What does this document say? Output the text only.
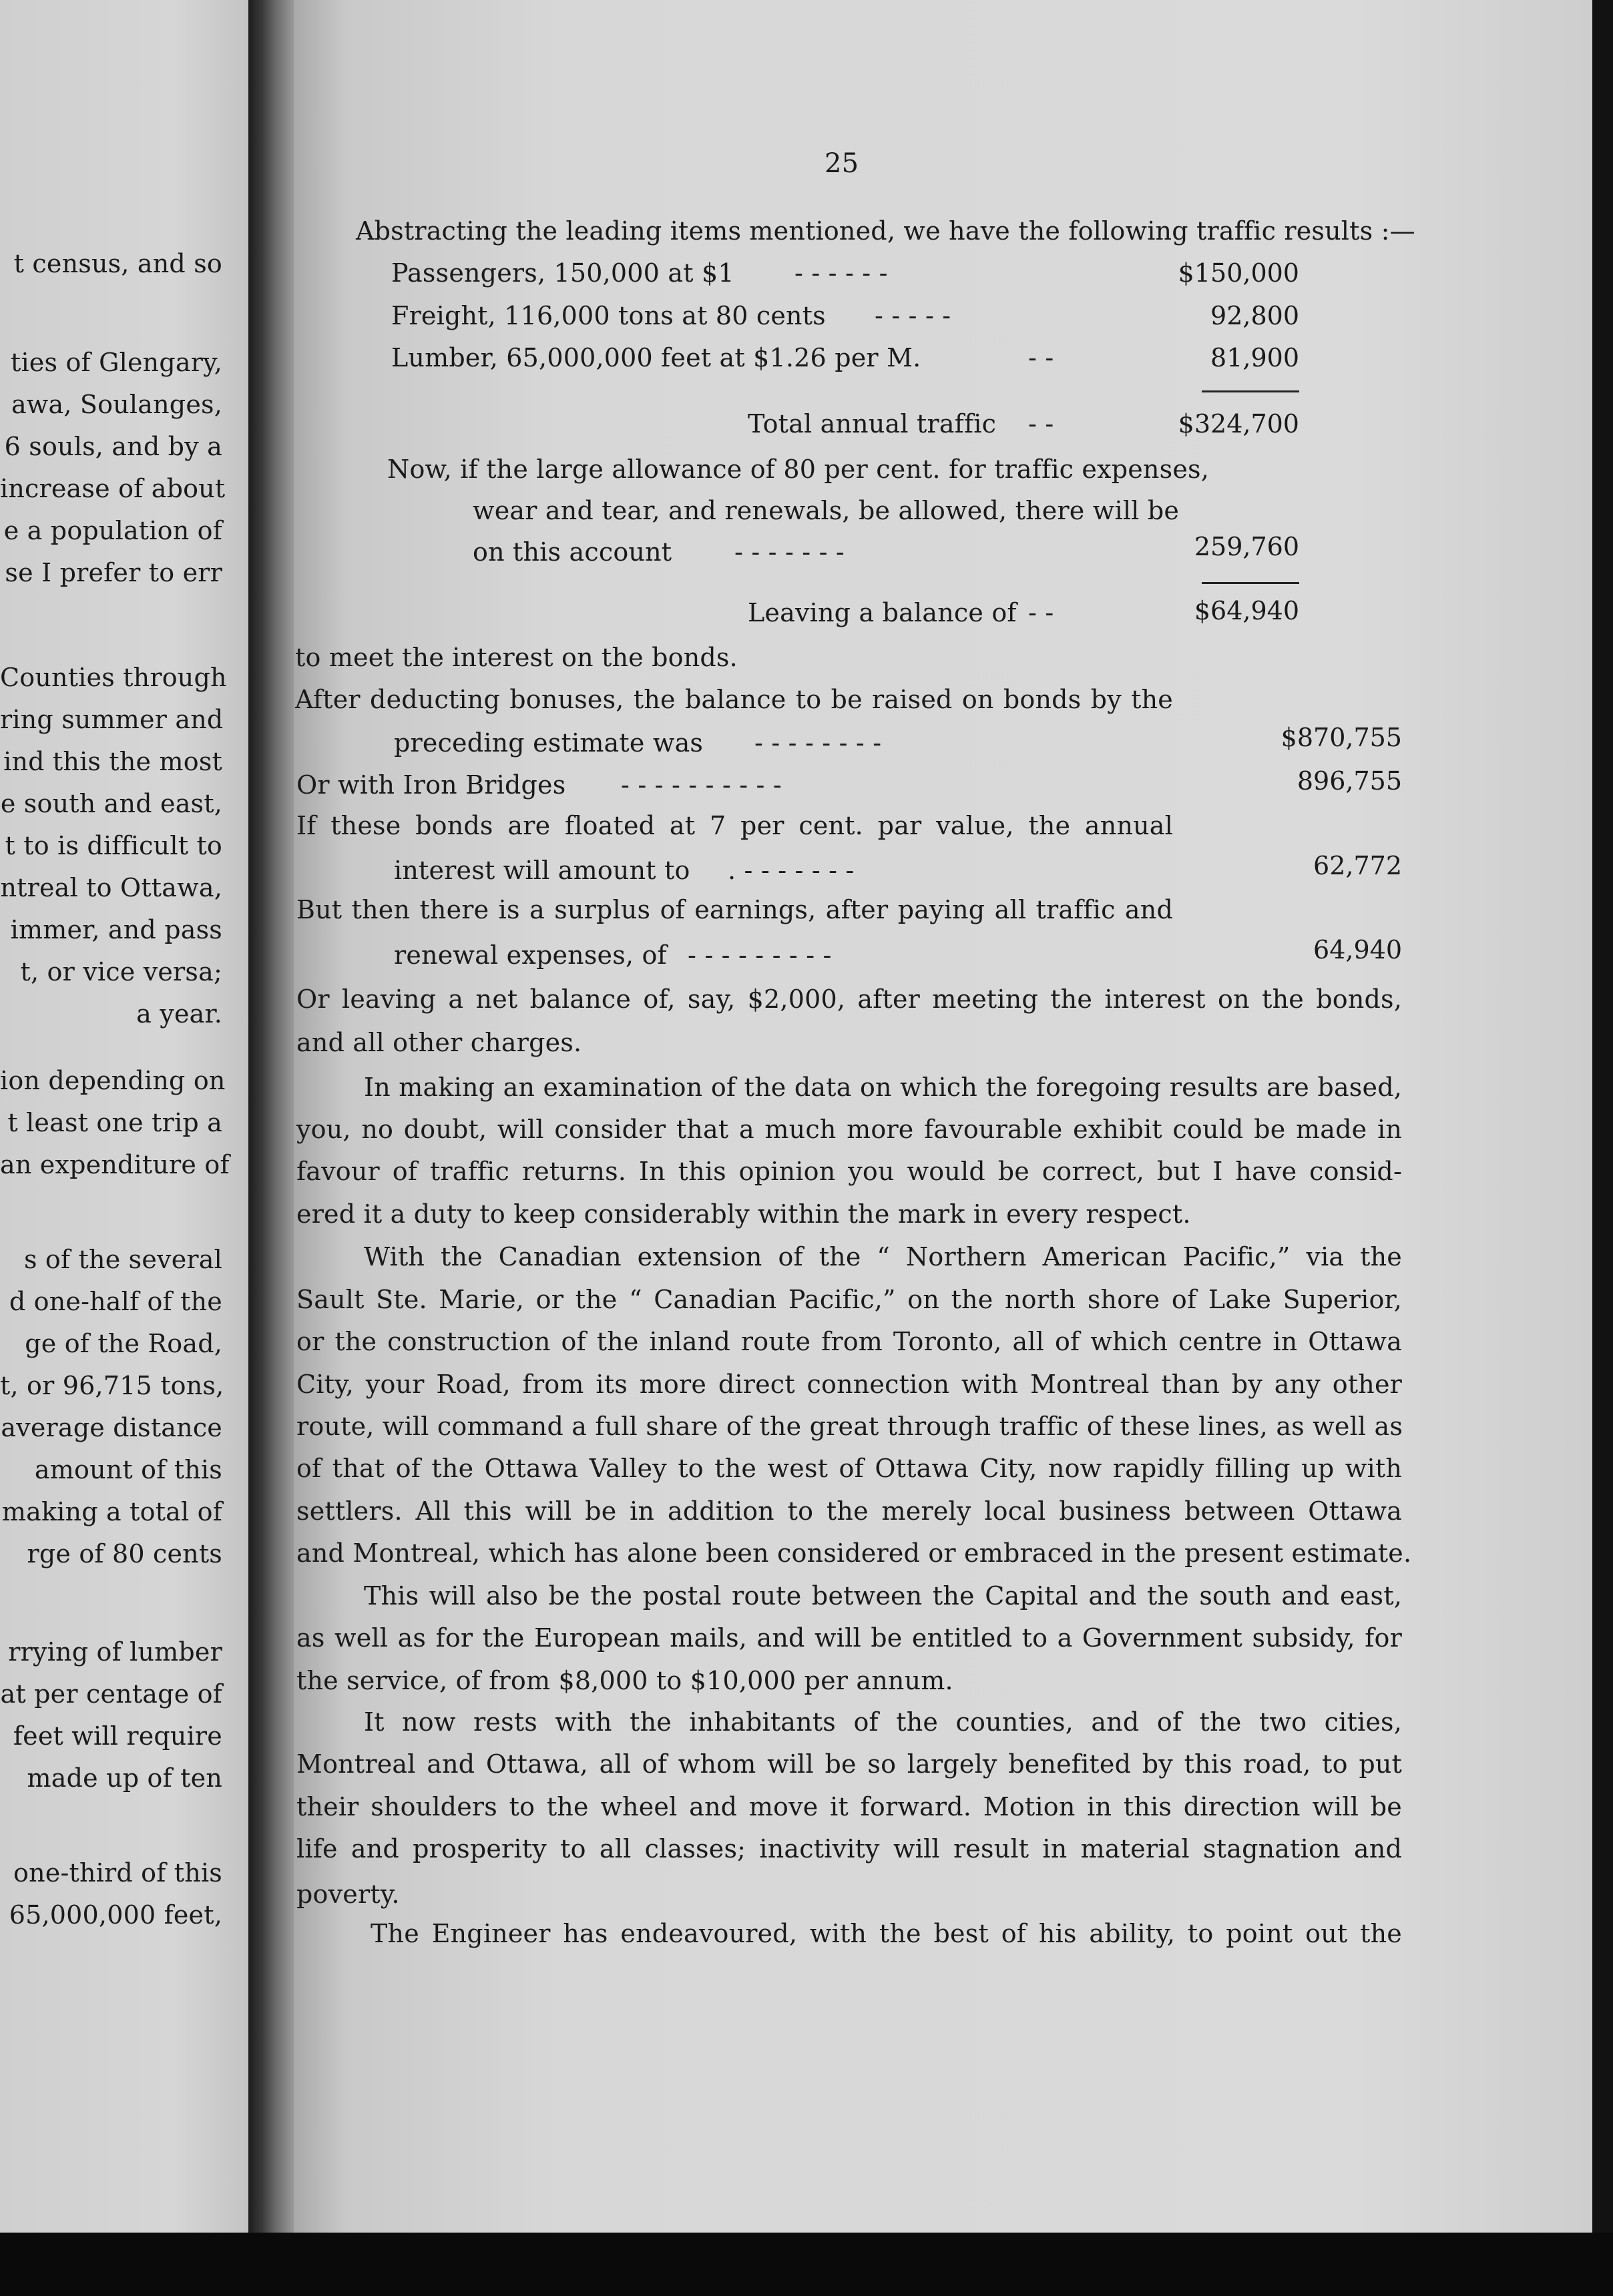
t census, and so
ties of Glengary,
awa, Soulanges,
6 souls, and by a
increase of about
e a population of
se I prefer to err
Counties through
ring summer and
ind this the most
e south and east,
t to is difficult to
ntreal to Ottawa,
immer, and pass
t, or vice versa;
a year.
ion depending on
t least one trip a
an expenditure of
s of the several
d one-half of the
ge of the Road,
t, or 96,715 tons,
average distance
amount of this
making a total of
rge of 80 cents
rrying of lumber
at per centage of
feet will require
made up of ten
one-third of this
65,000,000 feet,
25
Abstracting the leading items mentioned, we have the following traffic results :—
Passengers, 150,000 at $1 - - - - - -	$150,000
Freight, 116,000 tons at 80 cents - - - - -	92,800
Lumber, 65,000,000 feet at $1.26 per M.	- -	81,900
Total annual traffic - -	$324,700
Now, if the large allowance of 80 per cent. for traffic expenses,
wear and tear, and renewals, be allowed, there will be
on this account - - - - - - -	259,760
Leaving a balance of - -	$64,940
to meet the interest on the bonds.
After deducting bonuses, the balance to be raised on bonds by the
preceding estimate was - - - - - - - -	$870,755
Or with Iron Bridges - - - - - - - - - -	896,755
If these bonds are floated at 7 per cent. par value, the annual
interest will amount to . - - - - - - -	62,772
But then there is a surplus of earnings, after paying all traffic and
renewal expenses, of - - - - - - - - -	64,940
Or leaving a net balance of, say, $2,000, after meeting the interest on the bonds,
and all other charges.
In making an examination of the data on which the foregoing results are based,
you, no doubt, will consider that a much more favourable exhibit could be made in
favour of traffic returns. In this opinion you would be correct, but I have consid-
ered it a duty to keep considerably within the mark in every respect.
With the Canadian extension of the “ Northern American Pacific,” via the
Sault Ste. Marie, or the “ Canadian Pacific,” on the north shore of Lake Superior,
or the construction of the inland route from Toronto, all of which centre in Ottawa
City, your Road, from its more direct connection with Montreal than by any other
route, will command a full share of the great through traffic of these lines, as well as
of that of the Ottawa Valley to the west of Ottawa City, now rapidly filling up with
settlers. All this will be in addition to the merely local business between Ottawa
and Montreal, which has alone been considered or embraced in the present estimate.
This will also be the postal route between the Capital and the south and east,
as well as for the European mails, and will be entitled to a Government subsidy, for
the service, of from $8,000 to $10,000 per annum.
It now rests with the inhabitants of the counties, and of the two cities,
Montreal and Ottawa, all of whom will be so largely benefited by this road, to put
their shoulders to the wheel and move it forward. Motion in this direction will be
life and prosperity to all classes; inactivity will result in material stagnation and
poverty.
The Engineer has endeavoured, with the best of his ability, to point out the
